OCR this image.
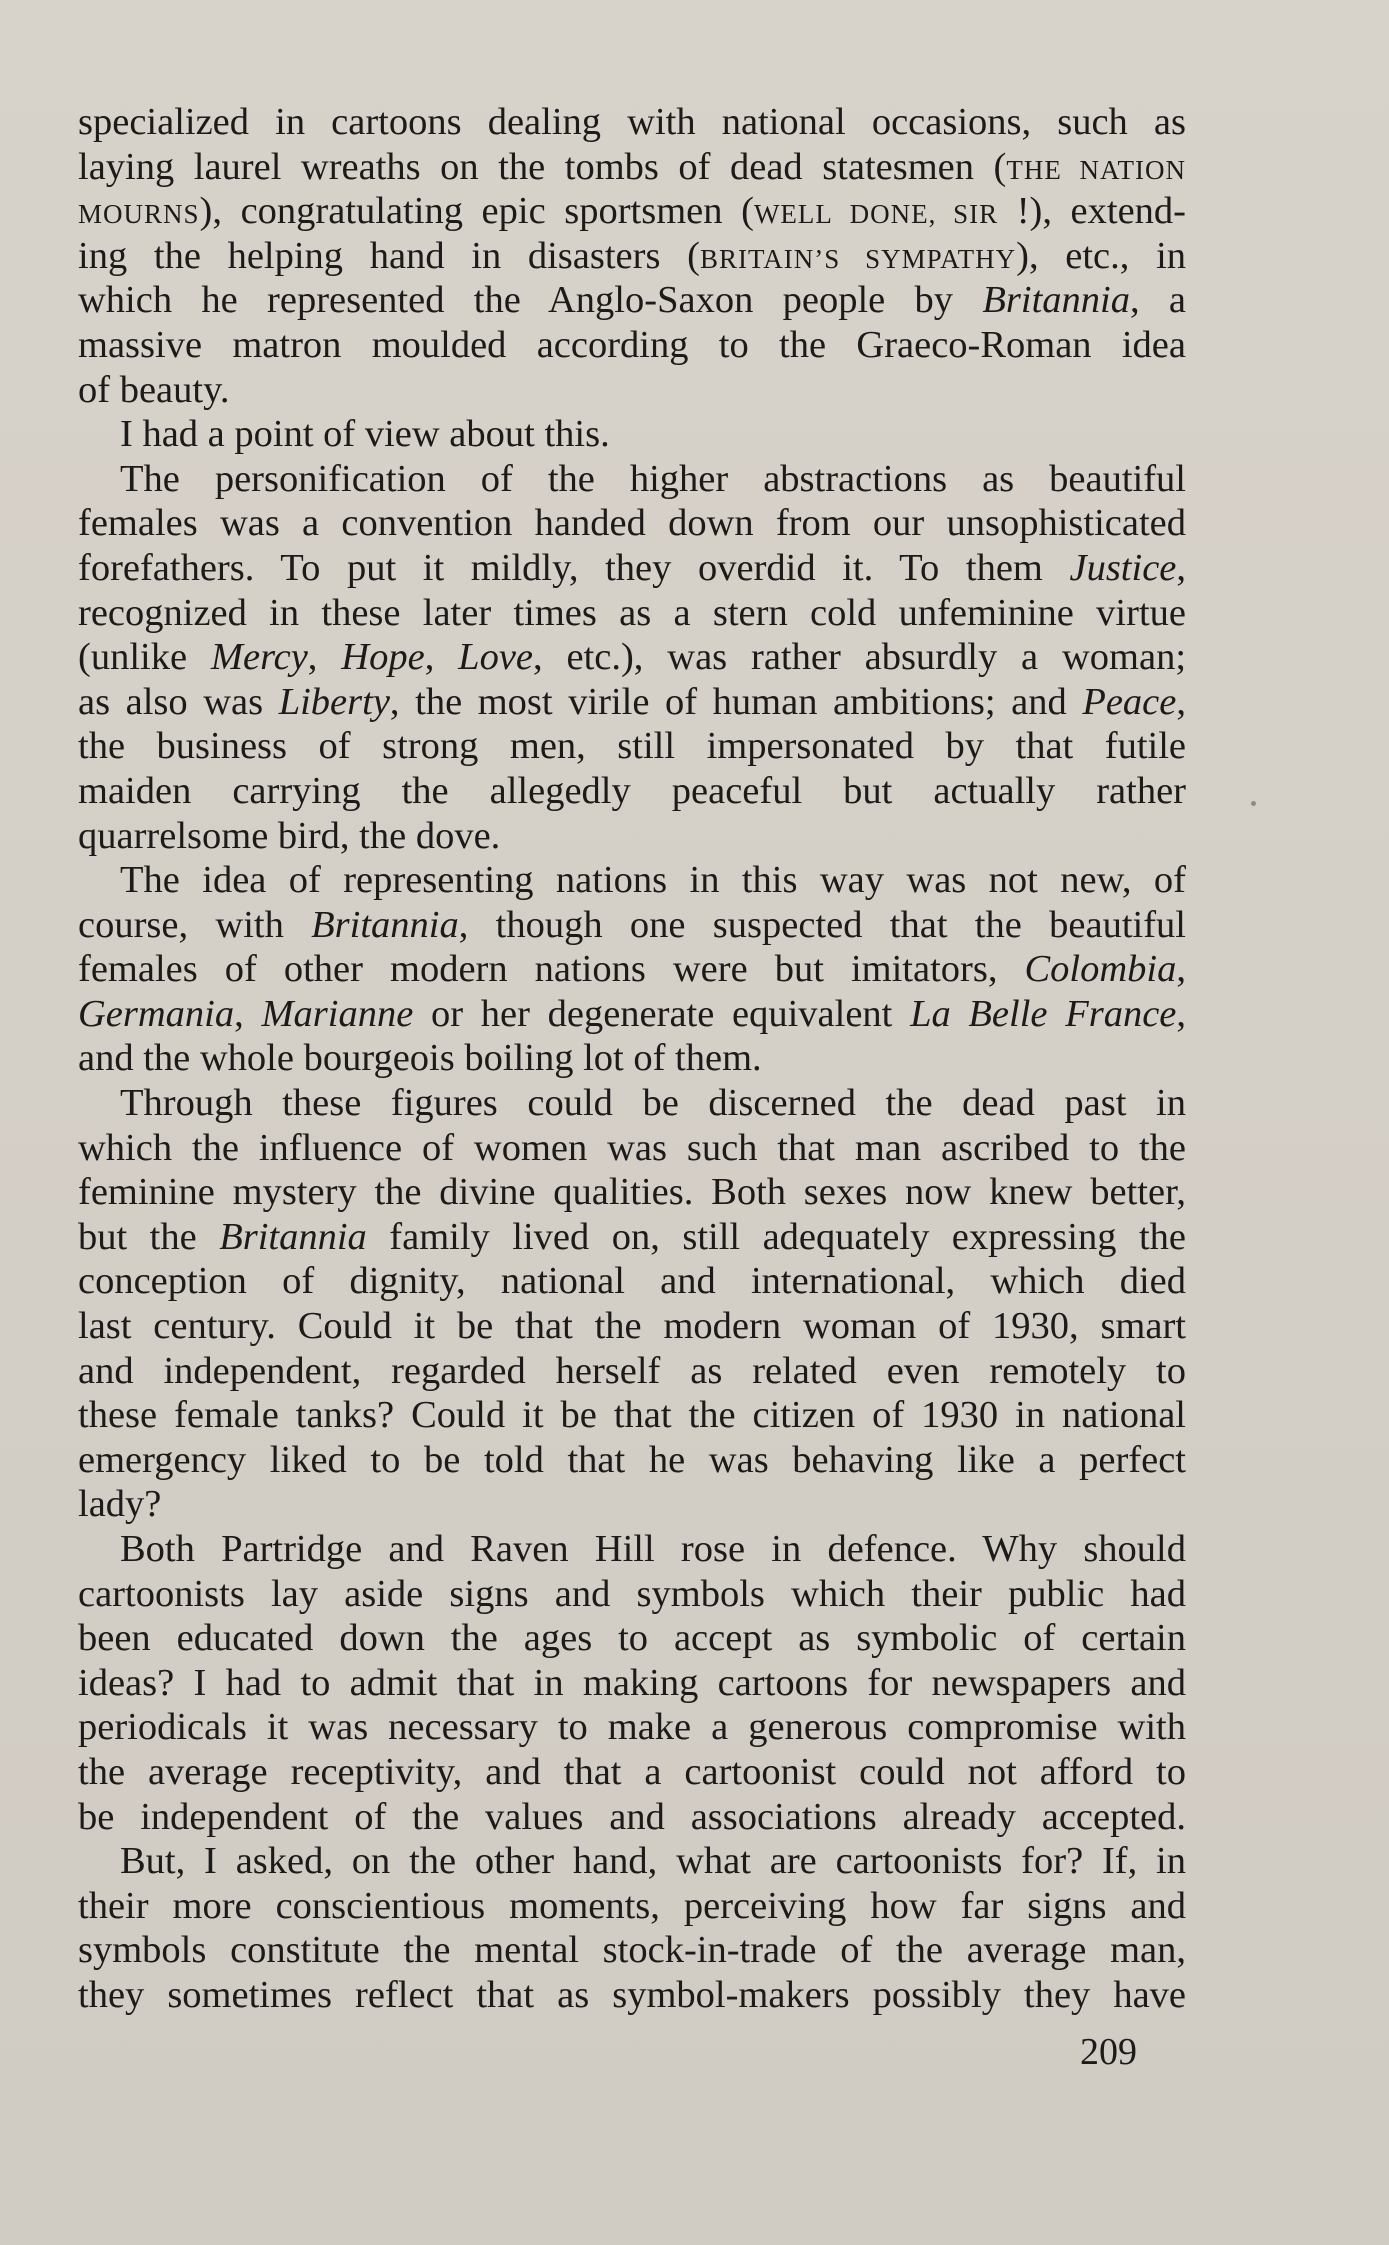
specialized in cartoons dealing with national occasions, such as
laying laurel wreaths on the tombs of dead statesmen (the nation
mourns), congratulating epic sportsmen (well done, sir !), extend-
ing the helping hand in disasters (britain’s sympathy), etc., in
which he represented the Anglo-Saxon people by Britannia, a
massive matron moulded according to the Graeco-Roman idea
of beauty.
I had a point of view about this.
The personification of the higher abstractions as beautiful
females was a convention handed down from our unsophisticated
forefathers. To put it mildly, they overdid it. To them Justice,
recognized in these later times as a stern cold unfeminine virtue
(unlike Mercy, Hope, Love, etc.), was rather absurdly a woman;
as also was Liberty, the most virile of human ambitions; and Peace,
the business of strong men, still impersonated by that futile
maiden carrying the allegedly peaceful but actually rather
quarrelsome bird, the dove.
The idea of representing nations in this way was not new, of
course, with Britannia, though one suspected that the beautiful
females of other modern nations were but imitators, Colombia,
Germania, Marianne or her degenerate equivalent La Belle France,
and the whole bourgeois boiling lot of them.
Through these figures could be discerned the dead past in
which the influence of women was such that man ascribed to the
feminine mystery the divine qualities. Both sexes now knew better,
but the Britannia family lived on, still adequately expressing the
conception of dignity, national and international, which died
last century. Could it be that the modern woman of 1930, smart
and independent, regarded herself as related even remotely to
these female tanks? Could it be that the citizen of 1930 in national
emergency liked to be told that he was behaving like a perfect
lady?
Both Partridge and Raven Hill rose in defence. Why should
cartoonists lay aside signs and symbols which their public had
been educated down the ages to accept as symbolic of certain
ideas? I had to admit that in making cartoons for newspapers and
periodicals it was necessary to make a generous compromise with
the average receptivity, and that a cartoonist could not afford to
be independent of the values and associations already accepted.
But, I asked, on the other hand, what are cartoonists for? If, in
their more conscientious moments, perceiving how far signs and
symbols constitute the mental stock-in-trade of the average man,
they sometimes reflect that as symbol-makers possibly they have
209
